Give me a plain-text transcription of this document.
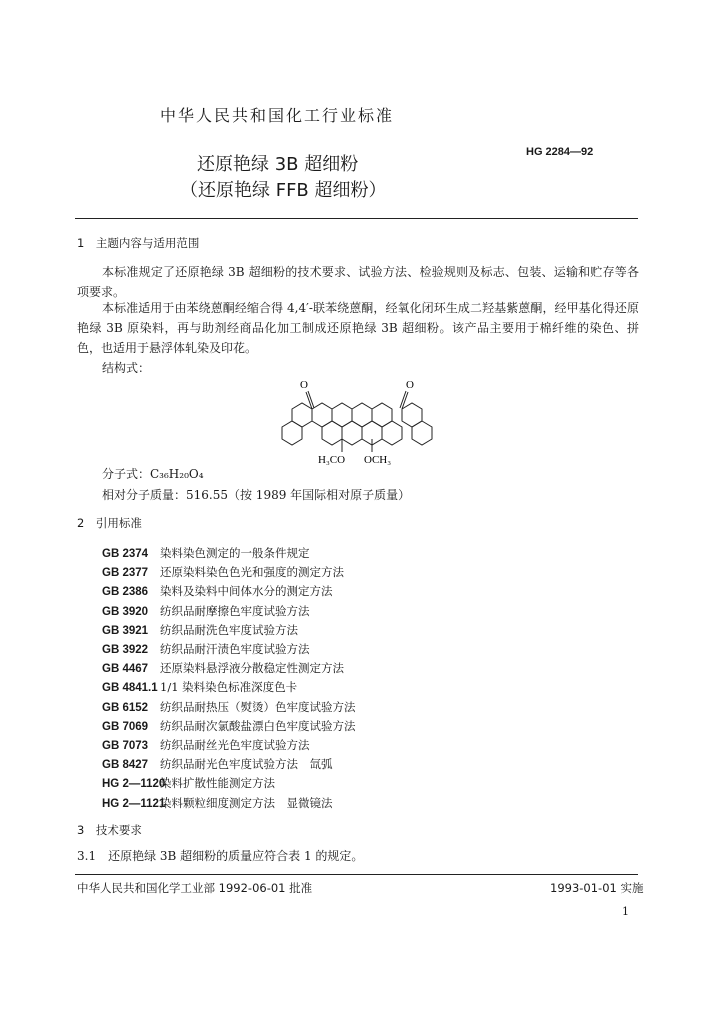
中华人民共和国化工行业标准
HG 2284—92
还原艳绿 3B 超细粉
（还原艳绿 FFB 超细粉）
1　主题内容与适用范围
本标准规定了还原艳绿 3B 超细粉的技术要求、试验方法、检验规则及标志、包装、运输和贮存等各项要求。
本标准适用于由苯绕蒽酮经缩合得 4,4′-联苯绕蒽酮，经氧化闭环生成二羟基紫蒽酮，经甲基化得还原艳绿 3B 原染料，再与助剂经商品化加工制成还原艳绿 3B 超细粉。该产品主要用于棉纤维的染色、拼色，也适用于悬浮体轧染及印花。
结构式：
O	O
H₃CO OCH₃
分子式：C₃₆H₂₀O₄
相对分子质量：516.55（按 1989 年国际相对原子质量）
2　引用标准
GB 2374 染料染色测定的一般条件规定
GB 2377 还原染料染色色光和强度的测定方法
GB 2386 染料及染料中间体水分的测定方法
GB 3920 纺织品耐摩擦色牢度试验方法
GB 3921 纺织品耐洗色牢度试验方法
GB 3922 纺织品耐汗渍色牢度试验方法
GB 4467 还原染料悬浮液分散稳定性测定方法
GB 4841.1 1/1 染料染色标准深度色卡
GB 6152 纺织品耐热压（熨烫）色牢度试验方法
GB 7069 纺织品耐次氯酸盐漂白色牢度试验方法
GB 7073 纺织品耐丝光色牢度试验方法
GB 8427 纺织品耐光色牢度试验方法　氙弧
HG 2—1120染料扩散性能测定方法
HG 2—1121染料颗粒细度测定方法　显微镜法
3　技术要求
3.1　还原艳绿 3B 超细粉的质量应符合表 1 的规定。
中华人民共和国化学工业部 1992-06-01 批准	1993-01-01 实施
1
